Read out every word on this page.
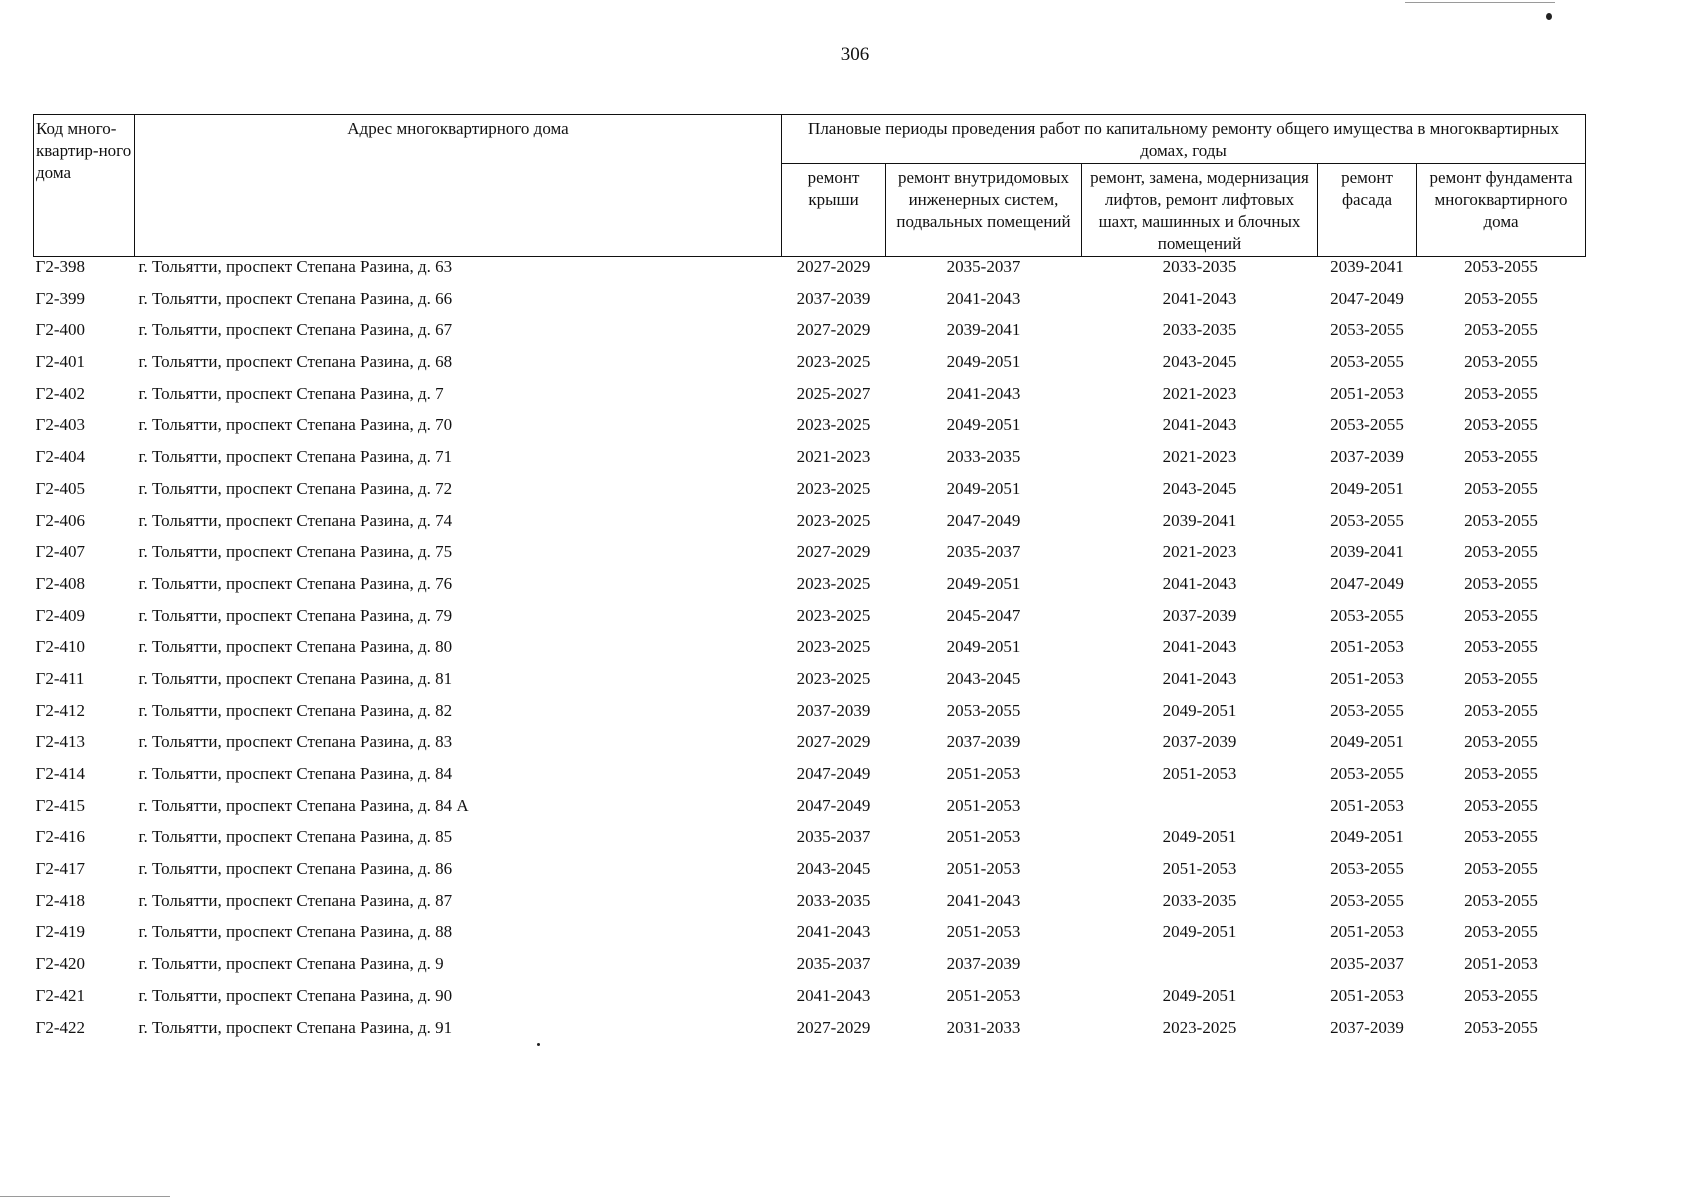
306
Код много-квартир-ного дома	Адрес многоквартирного дома	Плановые периоды проведения работ по капитальному ремонту общего имущества в многоквартирных домах, годы				
		ремонт крыши	ремонт внутридомовых инженерных систем, подвальных помещений	ремонт, замена, модернизация лифтов, ремонт лифтовых шахт, машинных и блочных помещений	ремонт фасада	ремонт фундамента многоквартирного дома
Г2-398	г. Тольятти, проспект Степана Разина, д. 63	2027-2029	2035-2037	2033-2035	2039-2041	2053-2055
Г2-399	г. Тольятти, проспект Степана Разина, д. 66	2037-2039	2041-2043	2041-2043	2047-2049	2053-2055
Г2-400	г. Тольятти, проспект Степана Разина, д. 67	2027-2029	2039-2041	2033-2035	2053-2055	2053-2055
Г2-401	г. Тольятти, проспект Степана Разина, д. 68	2023-2025	2049-2051	2043-2045	2053-2055	2053-2055
Г2-402	г. Тольятти, проспект Степана Разина, д. 7	2025-2027	2041-2043	2021-2023	2051-2053	2053-2055
Г2-403	г. Тольятти, проспект Степана Разина, д. 70	2023-2025	2049-2051	2041-2043	2053-2055	2053-2055
Г2-404	г. Тольятти, проспект Степана Разина, д. 71	2021-2023	2033-2035	2021-2023	2037-2039	2053-2055
Г2-405	г. Тольятти, проспект Степана Разина, д. 72	2023-2025	2049-2051	2043-2045	2049-2051	2053-2055
Г2-406	г. Тольятти, проспект Степана Разина, д. 74	2023-2025	2047-2049	2039-2041	2053-2055	2053-2055
Г2-407	г. Тольятти, проспект Степана Разина, д. 75	2027-2029	2035-2037	2021-2023	2039-2041	2053-2055
Г2-408	г. Тольятти, проспект Степана Разина, д. 76	2023-2025	2049-2051	2041-2043	2047-2049	2053-2055
Г2-409	г. Тольятти, проспект Степана Разина, д. 79	2023-2025	2045-2047	2037-2039	2053-2055	2053-2055
Г2-410	г. Тольятти, проспект Степана Разина, д. 80	2023-2025	2049-2051	2041-2043	2051-2053	2053-2055
Г2-411	г. Тольятти, проспект Степана Разина, д. 81	2023-2025	2043-2045	2041-2043	2051-2053	2053-2055
Г2-412	г. Тольятти, проспект Степана Разина, д. 82	2037-2039	2053-2055	2049-2051	2053-2055	2053-2055
Г2-413	г. Тольятти, проспект Степана Разина, д. 83	2027-2029	2037-2039	2037-2039	2049-2051	2053-2055
Г2-414	г. Тольятти, проспект Степана Разина, д. 84	2047-2049	2051-2053	2051-2053	2053-2055	2053-2055
Г2-415	г. Тольятти, проспект Степана Разина, д. 84 А	2047-2049	2051-2053		2051-2053	2053-2055
Г2-416	г. Тольятти, проспект Степана Разина, д. 85	2035-2037	2051-2053	2049-2051	2049-2051	2053-2055
Г2-417	г. Тольятти, проспект Степана Разина, д. 86	2043-2045	2051-2053	2051-2053	2053-2055	2053-2055
Г2-418	г. Тольятти, проспект Степана Разина, д. 87	2033-2035	2041-2043	2033-2035	2053-2055	2053-2055
Г2-419	г. Тольятти, проспект Степана Разина, д. 88	2041-2043	2051-2053	2049-2051	2051-2053	2053-2055
Г2-420	г. Тольятти, проспект Степана Разина, д. 9	2035-2037	2037-2039		2035-2037	2051-2053
Г2-421	г. Тольятти, проспект Степана Разина, д. 90	2041-2043	2051-2053	2049-2051	2051-2053	2053-2055
Г2-422	г. Тольятти, проспект Степана Разина, д. 91	2027-2029	2031-2033	2023-2025	2037-2039	2053-2055
